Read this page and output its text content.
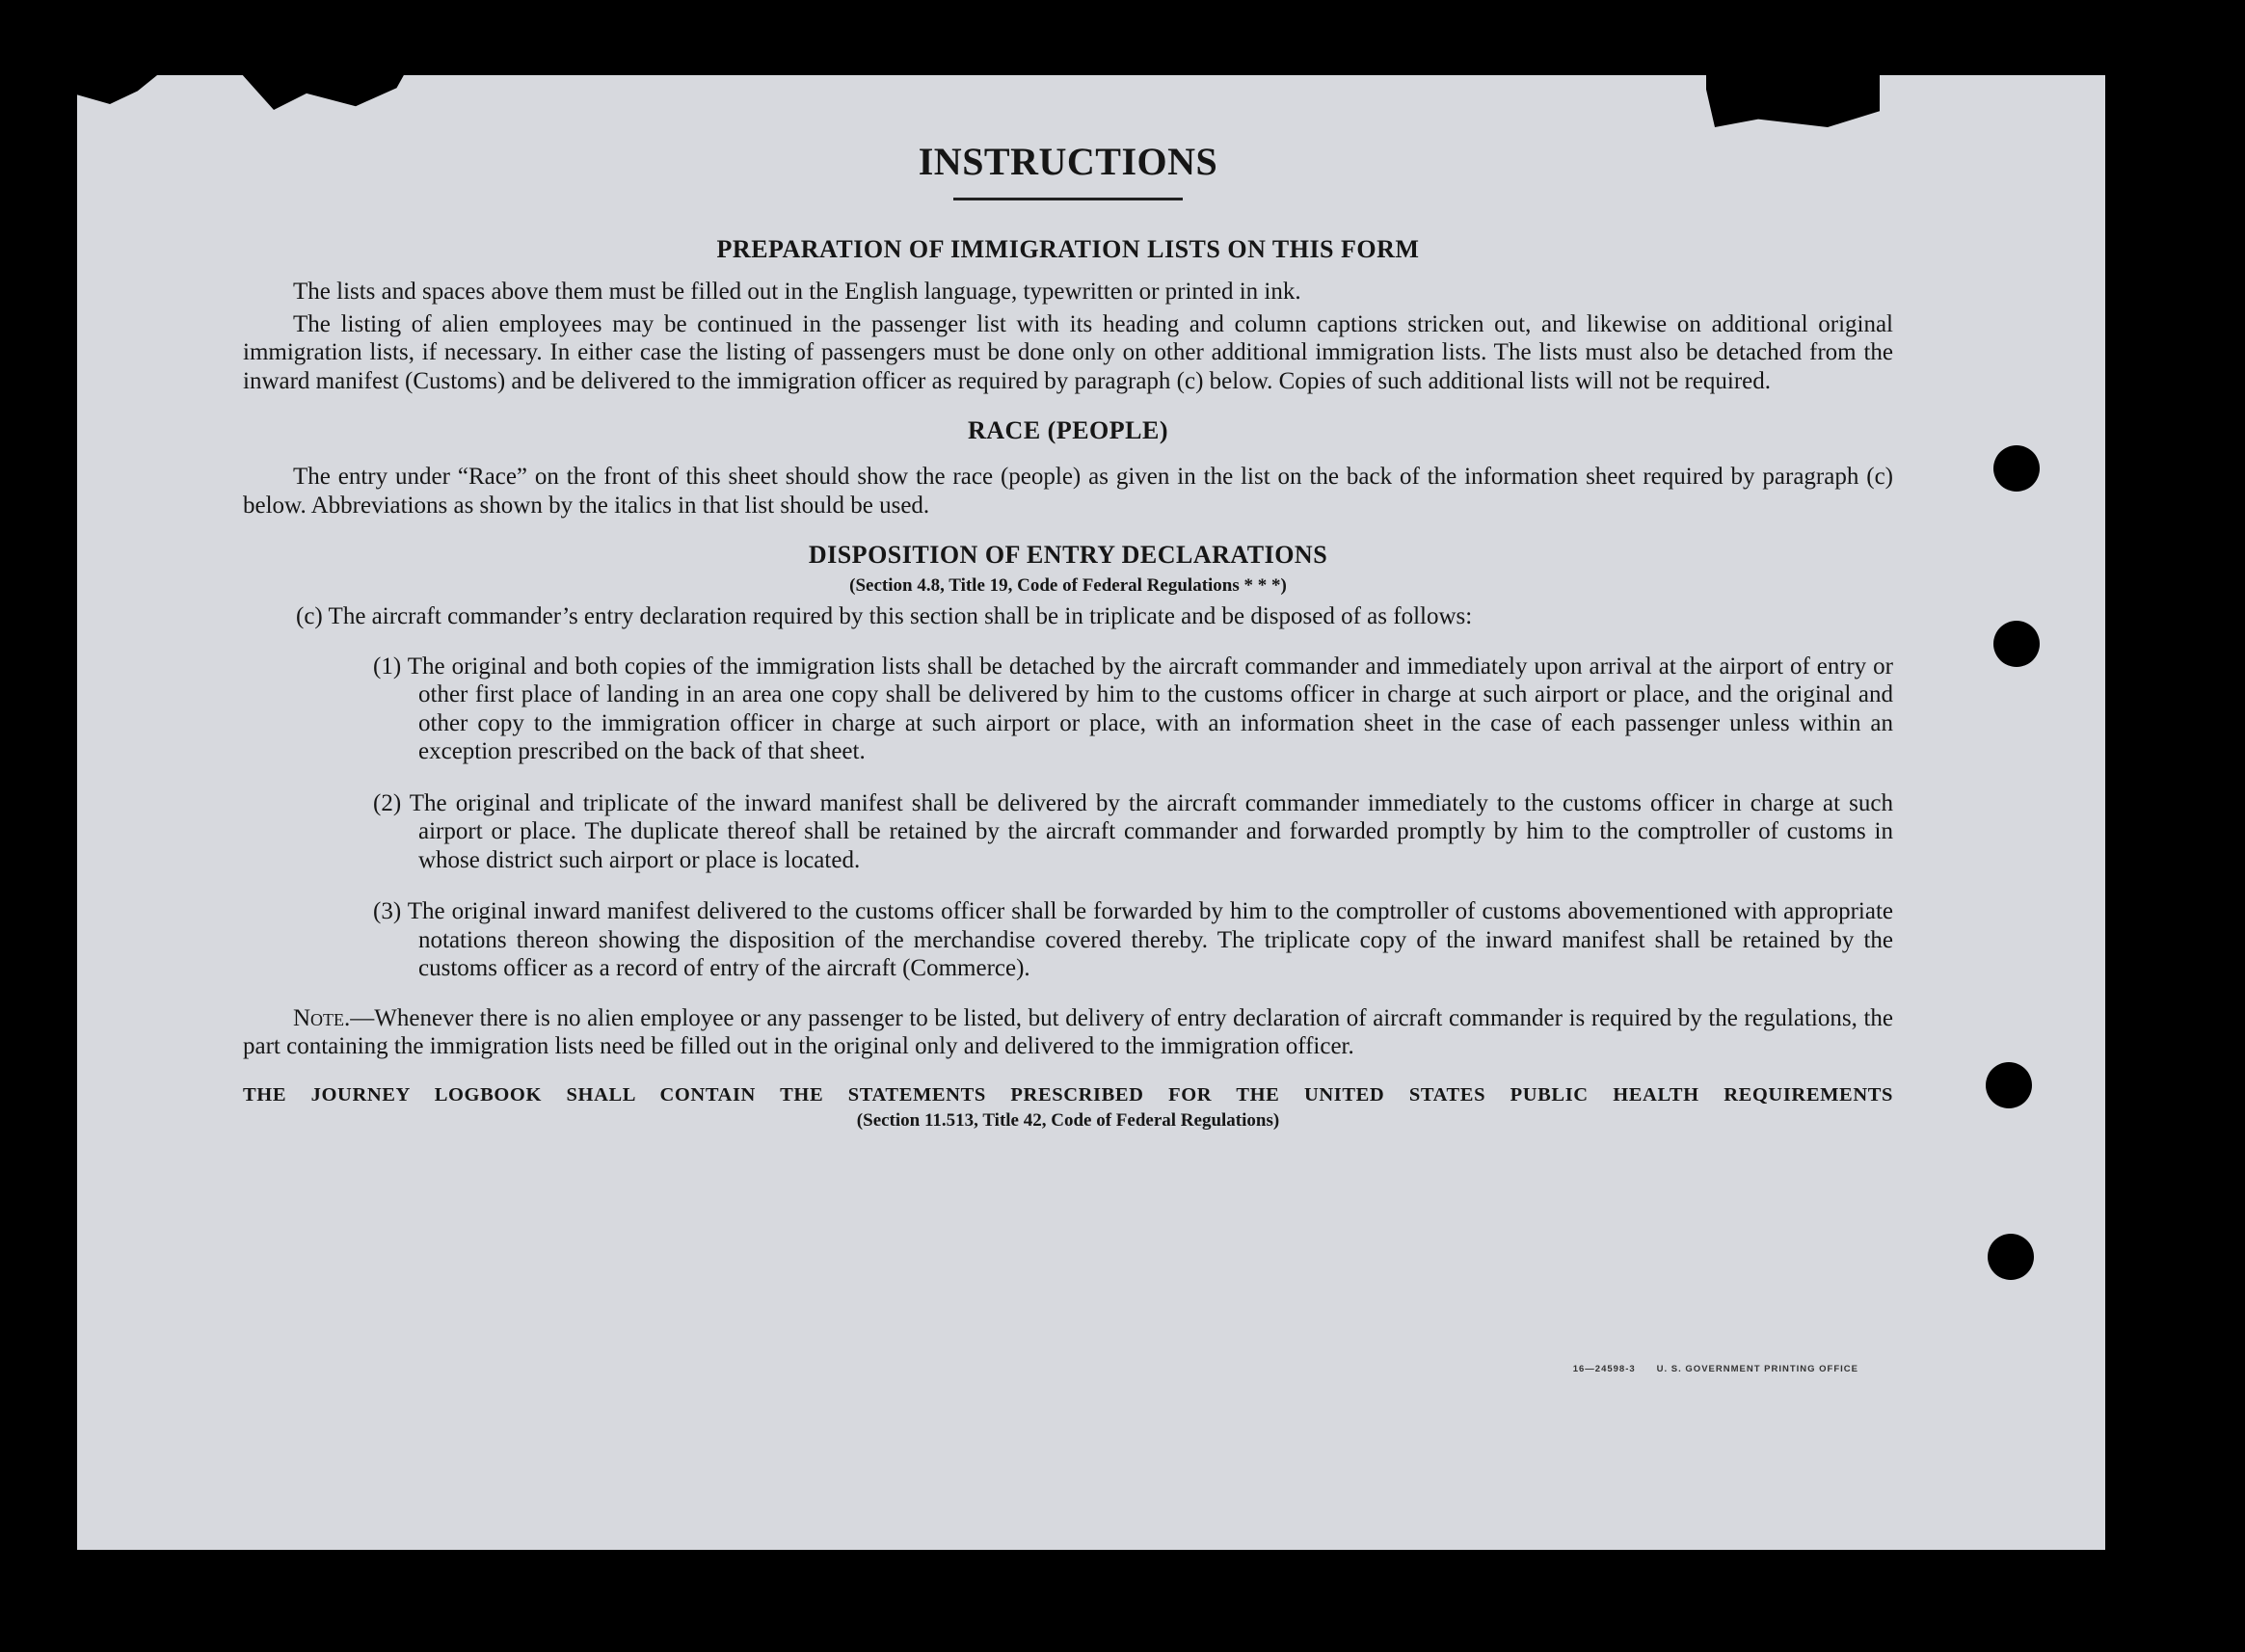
INSTRUCTIONS
PREPARATION OF IMMIGRATION LISTS ON THIS FORM

The lists and spaces above them must be filled out in the English language, typewritten or printed in ink.

The listing of alien employees may be continued in the passenger list with its heading and column captions stricken out, and likewise on additional original immigration lists, if necessary. In either case the listing of passengers must be done only on other additional immigration lists. The lists must also be detached from the inward manifest (Customs) and be delivered to the immigration officer as required by paragraph (c) below. Copies of such additional lists will not be required.

RACE (PEOPLE)

The entry under “Race” on the front of this sheet should show the race (people) as given in the list on the back of the information sheet required by paragraph (c) below. Abbreviations as shown by the italics in that list should be used.

DISPOSITION OF ENTRY DECLARATIONS

(Section 4.8, Title 19, Code of Federal Regulations * * *)

(c) The aircraft commander’s entry declaration required by this section shall be in triplicate and be disposed of as follows:

(1) The original and both copies of the immigration lists shall be detached by the aircraft commander and immediately upon arrival at the airport of entry or other first place of landing in an area one copy shall be delivered by him to the customs officer in charge at such airport or place, and the original and other copy to the immigration officer in charge at such airport or place, with an information sheet in the case of each passenger unless within an exception prescribed on the back of that sheet.

(2) The original and triplicate of the inward manifest shall be delivered by the aircraft commander immediately to the customs officer in charge at such airport or place. The duplicate thereof shall be retained by the aircraft commander and forwarded promptly by him to the comptroller of customs in whose district such airport or place is located.

(3) The original inward manifest delivered to the customs officer shall be forwarded by him to the comptroller of customs abovementioned with appropriate notations thereon showing the disposition of the merchandise covered thereby. The triplicate copy of the inward manifest shall be retained by the customs officer as a record of entry of the aircraft (Commerce).

Note.—Whenever there is no alien employee or any passenger to be listed, but delivery of entry declaration of aircraft commander is required by the regulations, the part containing the immigration lists need be filled out in the original only and delivered to the immigration officer.

THE JOURNEY LOGBOOK SHALL CONTAIN THE STATEMENTS PRESCRIBED FOR THE UNITED STATES PUBLIC HEALTH REQUIREMENTS

(Section 11.513, Title 42, Code of Federal Regulations)

16—24598-3 U. S. GOVERNMENT PRINTING OFFICE
